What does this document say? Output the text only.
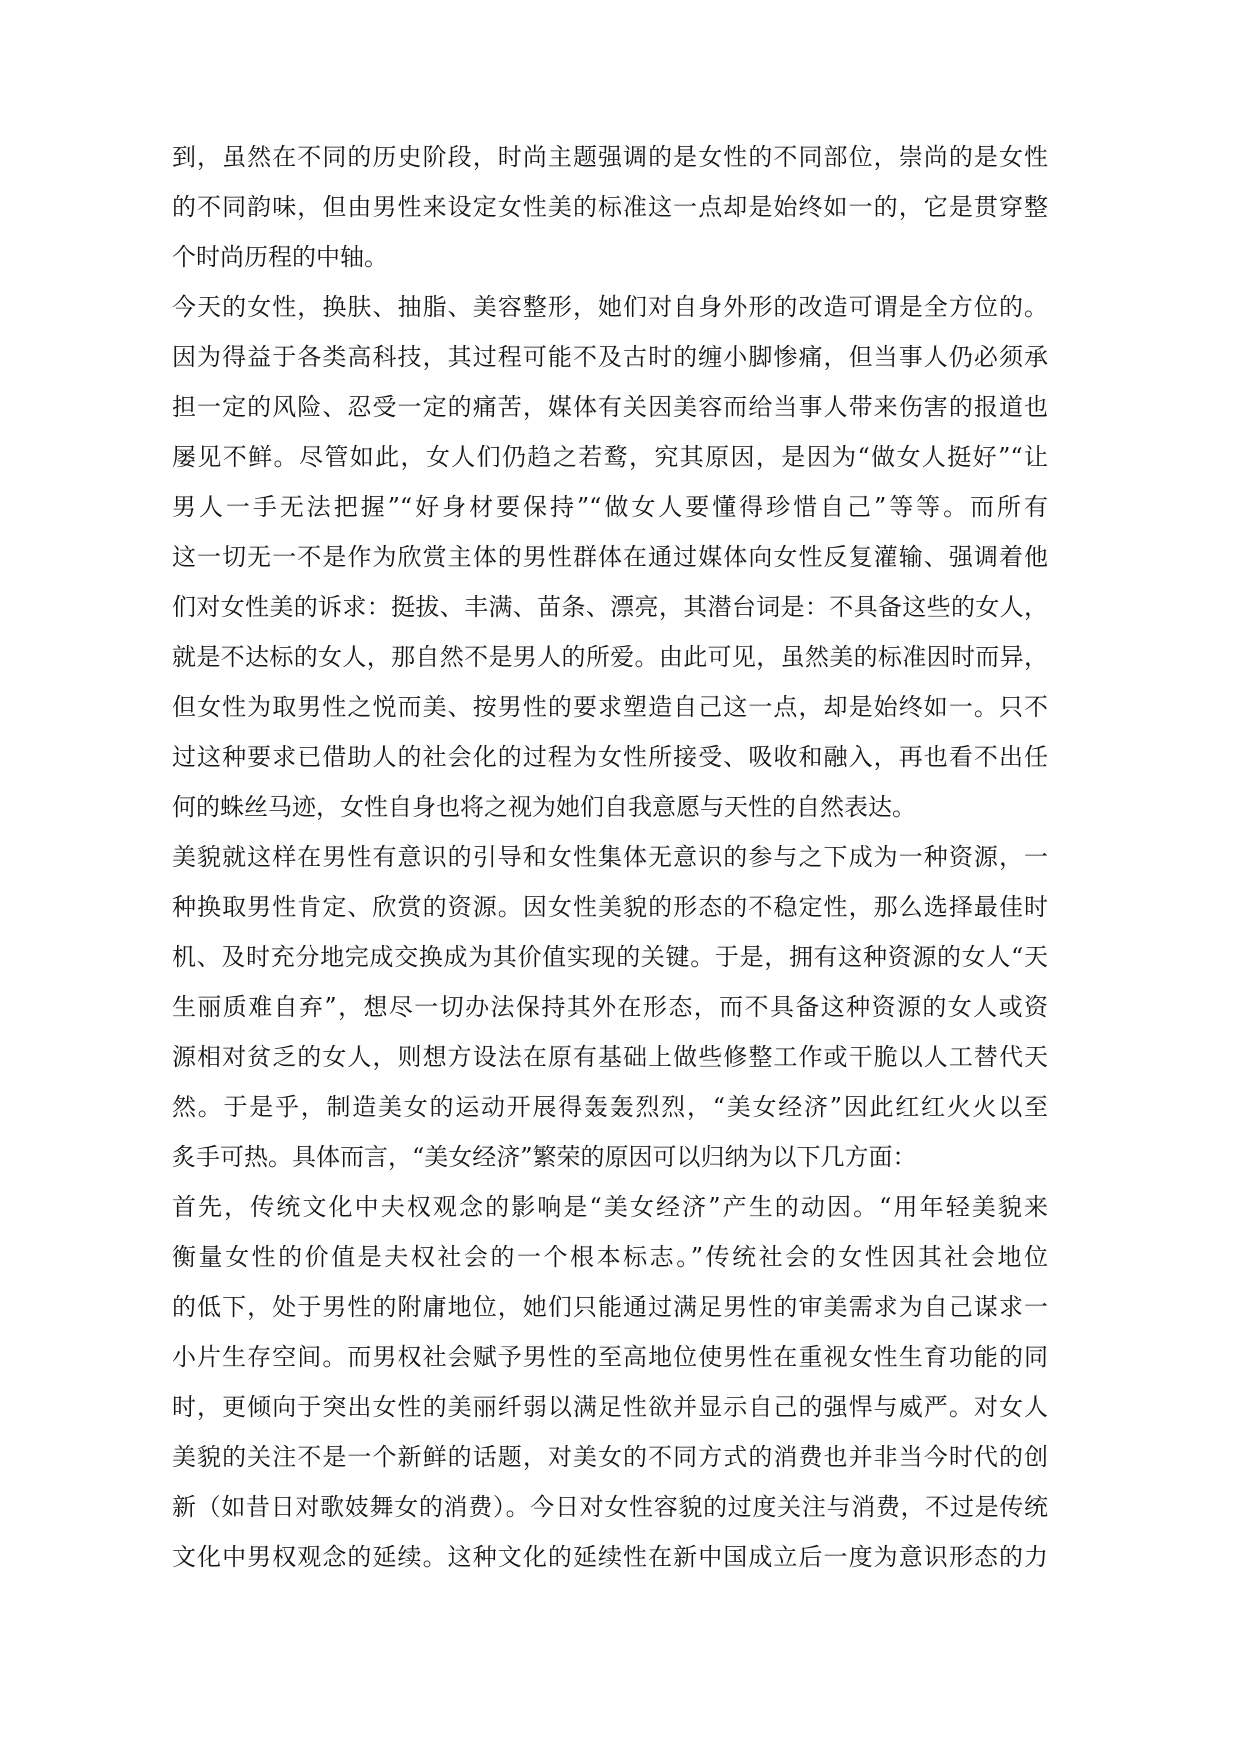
到，虽然在不同的历史阶段，时尚主题强调的是女性的不同部位，崇尚的是女性
的不同韵味，但由男性来设定女性美的标准这一点却是始终如一的，它是贯穿整
个时尚历程的中轴。
今天的女性，换肤、抽脂、美容整形，她们对自身外形的改造可谓是全方位的。
因为得益于各类高科技，其过程可能不及古时的缠小脚惨痛，但当事人仍必须承
担一定的风险、忍受一定的痛苦，媒体有关因美容而给当事人带来伤害的报道也
屡见不鲜。尽管如此，女人们仍趋之若鹜，究其原因，是因为“做女人挺好”“让
男人一手无法把握”“好身材要保持”“做女人要懂得珍惜自己”等等。而所有
这一切无一不是作为欣赏主体的男性群体在通过媒体向女性反复灌输、强调着他
们对女性美的诉求：挺拔、丰满、苗条、漂亮，其潜台词是：不具备这些的女人，
就是不达标的女人，那自然不是男人的所爱。由此可见，虽然美的标准因时而异，
但女性为取男性之悦而美、按男性的要求塑造自己这一点，却是始终如一。只不
过这种要求已借助人的社会化的过程为女性所接受、吸收和融入，再也看不出任
何的蛛丝马迹，女性自身也将之视为她们自我意愿与天性的自然表达。
美貌就这样在男性有意识的引导和女性集体无意识的参与之下成为一种资源，一
种换取男性肯定、欣赏的资源。因女性美貌的形态的不稳定性，那么选择最佳时
机、及时充分地完成交换成为其价值实现的关键。于是，拥有这种资源的女人“天
生丽质难自弃”，想尽一切办法保持其外在形态，而不具备这种资源的女人或资
源相对贫乏的女人，则想方设法在原有基础上做些修整工作或干脆以人工替代天
然。于是乎，制造美女的运动开展得轰轰烈烈，“美女经济”因此红红火火以至
炙手可热。具体而言，“美女经济”繁荣的原因可以归纳为以下几方面：
首先，传统文化中夫权观念的影响是“美女经济”产生的动因。“用年轻美貌来
衡量女性的价值是夫权社会的一个根本标志。”传统社会的女性因其社会地位
的低下，处于男性的附庸地位，她们只能通过满足男性的审美需求为自己谋求一
小片生存空间。而男权社会赋予男性的至高地位使男性在重视女性生育功能的同
时，更倾向于突出女性的美丽纤弱以满足性欲并显示自己的强悍与威严。对女人
美貌的关注不是一个新鲜的话题，对美女的不同方式的消费也并非当今时代的创
新（如昔日对歌妓舞女的消费）。今日对女性容貌的过度关注与消费，不过是传统
文化中男权观念的延续。这种文化的延续性在新中国成立后一度为意识形态的力
